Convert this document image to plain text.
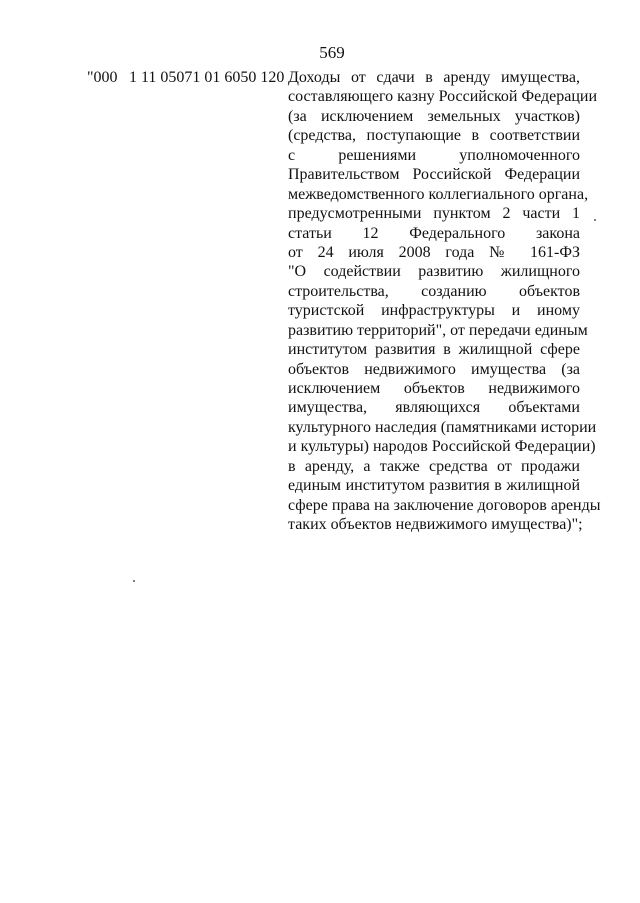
569
"000 1 11 05071 01 6050 120 Доходы от сдачи в аренду имущества,
составляющего казну Российской Федерации
(за исключением земельных участков)
(средства, поступающие в соответствии
с решениями уполномоченного
Правительством Российской Федерации
межведомственного коллегиального органа,
предусмотренными пунктом 2 части 1
статьи 12 Федерального закона
от 24 июля 2008 года № 161-ФЗ
"О содействии развитию жилищного
строительства, созданию объектов
туристской инфраструктуры и иному
развитию территорий", от передачи единым
институтом развития в жилищной сфере
объектов недвижимого имущества (за
исключением объектов недвижимого
имущества, являющихся объектами
культурного наследия (памятниками истории
и культуры) народов Российской Федерации)
в аренду, а также средства от продажи
единым институтом развития в жилищной
сфере права на заключение договоров аренды
таких объектов недвижимого имущества)";
